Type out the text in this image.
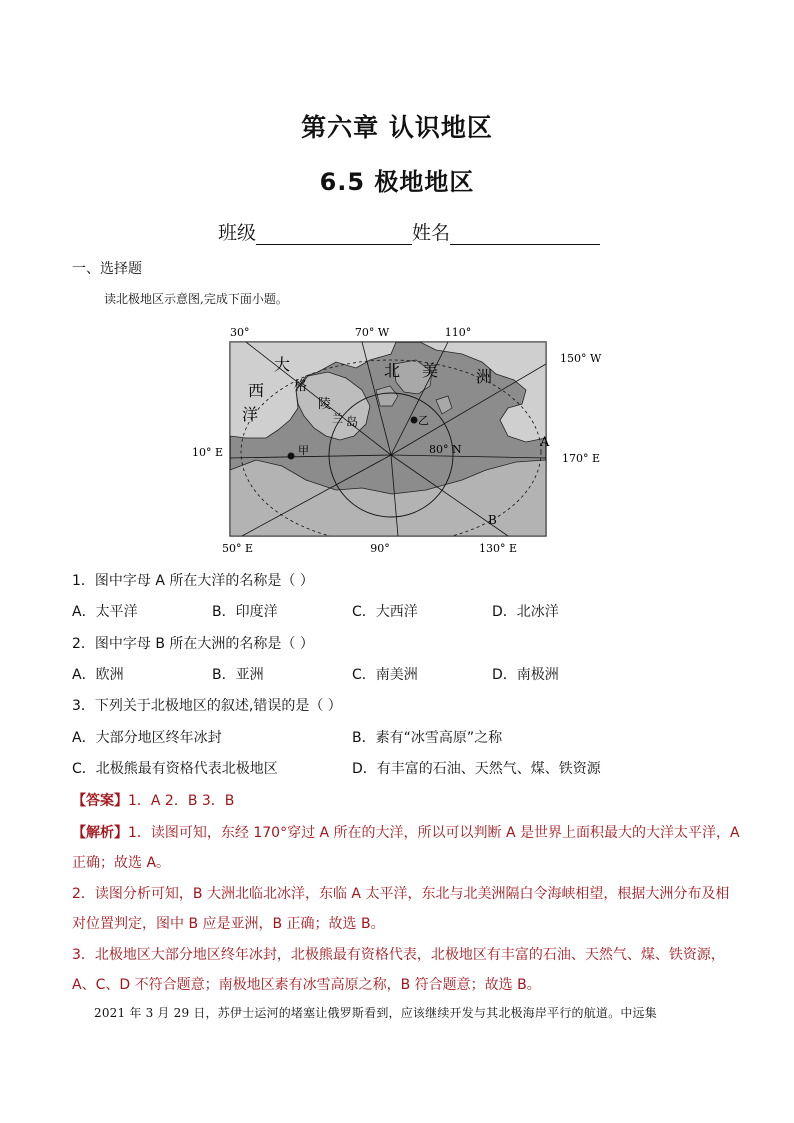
第六章 认识地区
6.5 极地地区
班级	姓名
一、选择题
读北极地区示意图,完成下面小题。
30°	70° W	110°
150° W
10° E	170° E
50° E	90°	130° E
80° N
大
西
洋
北 美 洲
格
陵
兰 岛
甲
乙
A
B
1．图中字母 A 所在大洋的名称是（ ）
A．太平洋	B．印度洋	C．大西洋	D．北冰洋
2．图中字母 B 所在大洲的名称是（ ）
A．欧洲	B．亚洲	C．南美洲	D．南极洲
3．下列关于北极地区的叙述,错误的是（ ）
A．大部分地区终年冰封	B．素有“冰雪高原”之称
C．北极熊最有资格代表北极地区	D．有丰富的石油、天然气、煤、铁资源
【答案】1．A 2．B 3．B
【解析】1．读图可知，东经 170°穿过 A 所在的大洋，所以可以判断 A 是世界上面积最大的大洋太平洋，A
正确；故选 A。
2．读图分析可知，B 大洲北临北冰洋，东临 A 太平洋，东北与北美洲隔白令海峡相望，根据大洲分布及相
对位置判定，图中 B 应是亚洲，B 正确；故选 B。
3．北极地区大部分地区终年冰封，北极熊最有资格代表，北极地区有丰富的石油、天然气、煤、铁资源，
A、C、D 不符合题意；南极地区素有冰雪高原之称，B 符合题意；故选 B。
2021 年 3 月 29 日，苏伊士运河的堵塞让俄罗斯看到，应该继续开发与其北极海岸平行的航道。中远集
